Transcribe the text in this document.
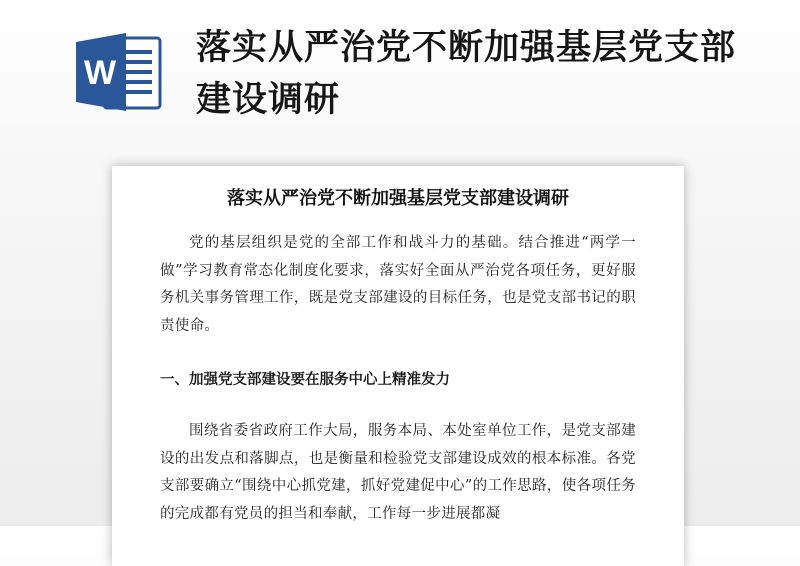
W
落实从严治党不断加强基层党支部建设调研
落实从严治党不断加强基层党支部建设调研

党的基层组织是党的全部工作和战斗力的基础。结合推进“两学一做”学习教育常态化制度化要求，落实好全面从严治党各项任务，更好服务机关事务管理工作，既是党支部建设的目标任务，也是党支部书记的职责使命。

一、加强党支部建设要在服务中心上精准发力

围绕省委省政府工作大局，服务本局、本处室单位工作，是党支部建设的出发点和落脚点，也是衡量和检验党支部建设成效的根本标准。各党支部要确立“围绕中心抓党建，抓好党建促中心”的工作思路，使各项任务的完成都有党员的担当和奉献，工作每一步进展都凝
